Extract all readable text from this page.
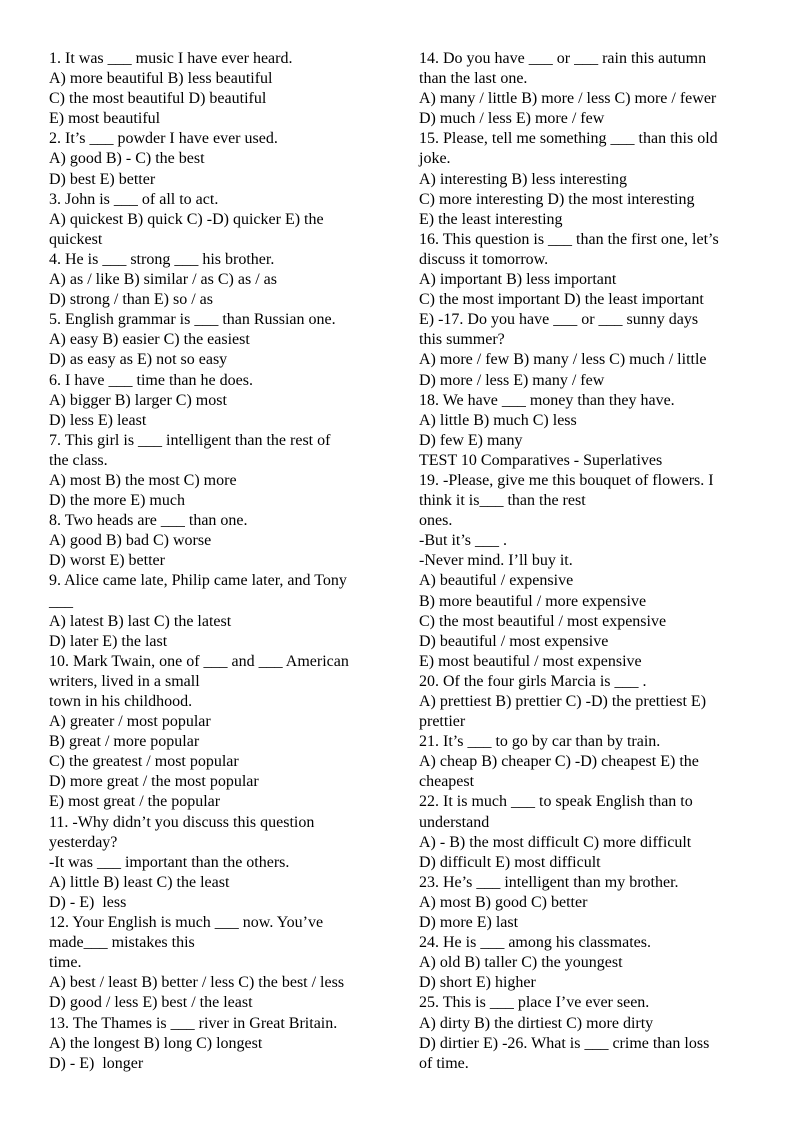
1. It was ___ music I have ever heard.
A) more beautiful B) less beautiful
C) the most beautiful D) beautiful
E) most beautiful
2. It’s ___ powder I have ever used.
A) good B) - C) the best
D) best E) better
3. John is ___ of all to act.
A) quickest B) quick C) -D) quicker E) the
quickest
4. He is ___ strong ___ his brother.
A) as / like B) similar / as C) as / as
D) strong / than E) so / as
5. English grammar is ___ than Russian one.
A) easy B) easier C) the easiest
D) as easy as E) not so easy
6. I have ___ time than he does.
A) bigger B) larger C) most
D) less E) least
7. This girl is ___ intelligent than the rest of
the class.
A) most B) the most C) more
D) the more E) much
8. Two heads are ___ than one.
A) good B) bad C) worse
D) worst E) better
9. Alice came late, Philip came later, and Tony
___
A) latest B) last C) the latest
D) later E) the last
10. Mark Twain, one of ___ and ___ American
writers, lived in a small
town in his childhood.
A) greater / most popular
B) great / more popular
C) the greatest / most popular
D) more great / the most popular
E) most great / the popular
11. -Why didn’t you discuss this question
yesterday?
-It was ___ important than the others.
A) little B) least C) the least
D) - E)  less
12. Your English is much ___ now. You’ve
made___ mistakes this
time.
A) best / least B) better / less C) the best / less
D) good / less E) best / the least
13. The Thames is ___ river in Great Britain.
A) the longest B) long C) longest
D) - E)  longer
14. Do you have ___ or ___ rain this autumn
than the last one.
A) many / little B) more / less C) more / fewer
D) much / less E) more / few
15. Please, tell me something ___ than this old
joke.
A) interesting B) less interesting
C) more interesting D) the most interesting
E) the least interesting
16. This question is ___ than the first one, let’s
discuss it tomorrow.
A) important B) less important
C) the most important D) the least important
E) -17. Do you have ___ or ___ sunny days
this summer?
A) more / few B) many / less C) much / little
D) more / less E) many / few
18. We have ___ money than they have.
A) little B) much C) less
D) few E) many
TEST 10 Comparatives - Superlatives
19. -Please, give me this bouquet of flowers. I
think it is___ than the rest
ones.
-But it’s ___ .
-Never mind. I’ll buy it.
A) beautiful / expensive
B) more beautiful / more expensive
C) the most beautiful / most expensive
D) beautiful / most expensive
E) most beautiful / most expensive
20. Of the four girls Marcia is ___ .
A) prettiest B) prettier C) -D) the prettiest E)
prettier
21. It’s ___ to go by car than by train.
A) cheap B) cheaper C) -D) cheapest E) the
cheapest
22. It is much ___ to speak English than to
understand
A) - B) the most difficult C) more difficult
D) difficult E) most difficult
23. He’s ___ intelligent than my brother.
A) most B) good C) better
D) more E) last
24. He is ___ among his classmates.
A) old B) taller C) the youngest
D) short E) higher
25. This is ___ place I’ve ever seen.
A) dirty B) the dirtiest C) more dirty
D) dirtier E) -26. What is ___ crime than loss
of time.
